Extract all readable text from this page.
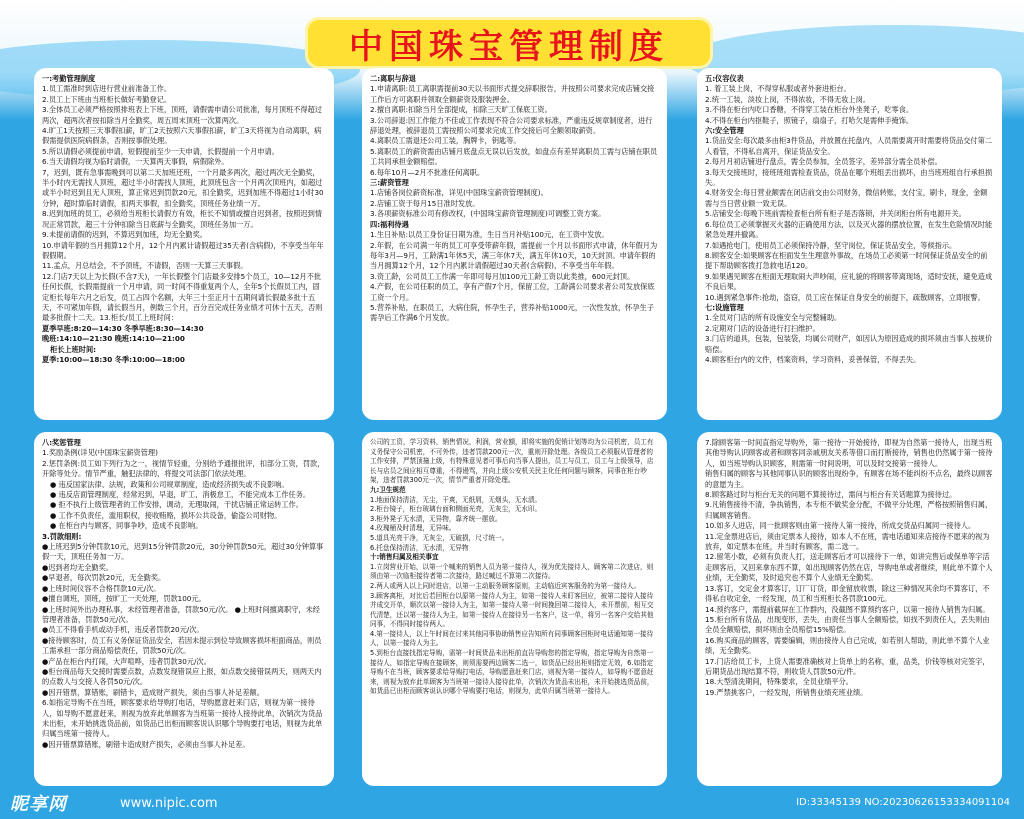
中国珠宝管理制度

一:考勤管理制度

1.员工需准时到店进行营业前准备工作。

2.员工上下班由当班柜长做好考勤登记。

3.全体员工必须严格按照排班表上下班，顶班，请假需申请公司批准，每月顶班不得超过两次，超两次者按扣除当月全勤奖，周五周末顶班一次算两次。

4.旷工1天按照三天事假扣薪，旷工2天按照六天事假扣薪，旷工3天将视为自动离职，病假需提供医院病假条，否则按事假处理。

5.所以请假必须提前申请，短假提前至少一天申请，长假提前一个月申请。

6.当天请假均视为临时请假，一天算两天事假，病假除外。

7，迟到，既有急事需晚到可以第二天加班还班，一个月最多两次，超过两次无全勤奖，半小时内无需找人顶班，超过半小时需找人顶班，此顶班包含一个月两次顶班内，如超过或半小时迟到且无人顶班，算正常迟到罚款20元，扣全勤奖，迟到加班不得超过1小时30分钟，超时算临时请假，扣两天事假，扣全勤奖，顶班任务业绩一万。

8.迟到加班的员工，必须给当班柜长请假方有效，柜长不知情或擅自迟到者，按照迟到情况正常罚款，超三十分钟扣除当日底薪与全勤奖，顶班任务加一万。

9.未提前请假的迟到，不算迟到加班，均无全勤奖。

10.申请年假的当月拥算12个月，12个月内累计请假超过35天者(含病假)，不享受当年年假假期。

11.孟点，月总结会，不予顶班，不请假，否则一天算三天事假。

12.门店7天以上为长假(不含7天)，一年长假整个门店最多安排5个员工，10—12月不批任何长假，长假需提前一个月申请，同一时间不得重复两个人，全年5个长假员工内，固定柜长每年六月之后发，员工占四个名额，大年三十至正月十五期间请长假最多批十五天，不可紧加年假，请长假当月，例数三个月，百分百完成任务业绩才可休十五天，否则最多批假十二天。13.柜长/员工上班时间：

夏季早班:8:20—14:30 冬季早班:8:30—14:30

晚班:14:10—21:30 晚班:14:10—21:00

柜长上班时间:

夏季:10:00—18:30 冬季:10:00—18:00

二:离职与辞退

1.申请离职:员工离职需提前30天以书面形式提交辞职报告，并按照公司要求完成店铺交接工作后方可离职并领取全额薪资及服装押金。

2.擅自离职:扣除当月全部提成，扣除三天旷工保底工资。

3.公司辞退:因工作能力不佳或工作表现不符合公司要求标准，严重违反规章制度者，进行辞退处理，被辞退员工需按照公司要求完成工作交接后可全额领取薪资。

4.离职员工需退还公司工装，胸牌卡，钥匙等。

5.离职员工的薪资需由店铺月底盘点无误以后发放，如盘点有差异离职员工需与店铺在职员工共同承担金额赔偿。

6.每年10月—2月不批准任何离职。

三:薪资管理

1.店铺各岗位薪资标准，详见(中国珠宝薪资管理制度)。

2.店铺工资于每月15日准时发放。

3.各项薪资标准公司有修改权，(中国珠宝薪资管理制度)可调整工资方案。

四:福利待遇

1.生日补贴:以员工身份证日期为准，生日当月补贴100元，在工资中发放。

2.年假，在公司满一年的员工可享受带薪年假，需提前一个月以书面形式申请，休年假月为每年3月—9月，工龄满1年休5天，满三年休7天，满五年休10天，10天封顶。申请年假的当月拥算12个月，12个月内累计请假超过30天者(含病假)，不享受当年年假。

3.资工龄，公司员工工作满一年即可每月加100元工龄工资以此类推，600元封顶。

4.产假，在公司任职的员工，享有产假7个月，保留工位，工龄满公司要求者公司发放保底工资一个月。

5.营养补贴，在职员工，大病住院，怀孕生子，营养补贴1000元，一次性发放，怀孕生子需孕后工作满6个月发放。

五:仪容仪表

1. 着工装上岗，不得穿私服或者外套进柜台。

2.统一工装，淡妆上岗，不得浓妆，不得无妆上岗。

3.不得在柜台内吃口香糖，不得穿工装在柜台外坐凳子，吃零食。

4.不得在柜台内抠鞋子，照镜子，扇扇子，打哈欠是需伸手掩饰。

六:安全管理

1.货品安全:每次最多由柜3件货品，并放置在托盘内，人员需要离开时需要将货品交付第二人看管，不得私自离开，保证货品安全。

2.每月月初店铺进行盘点，需全员参加，全员签字，差异部分需全员补偿。

3.每天交接班时，接班班组需检查货品，货品在哪个班组丢出损坏，由当班班组自行承担损失。

4.财务安全:每日营业额需在闭店前交由公司财务，微信转账，支付宝，刷卡，现金，金额需与当日营业额一致无误。

5.店铺安全:每晚下班前需检查柜台所有柜子是否落锁，并关闭柜台所有电源开关。

6.每位员工必须掌握灭火器的正确使用方法，以及灭火器的摆放位置，在发生危险情况时能紧急处理并撤离。

7.如遇抢电门，使用员工必须保持冷静，坚守岗位，保证货品安全，等候指示。

8.顾客安全:如果顾客在柜面发生生理意外事故，在场员工必须第一时间保证货品安全的前提下帮助顾客拨打急救电话120。

9.如果遇见顾客在柜面无理取闹大声吵闹，应礼貌的将顾客带离现场，适时安抚，避免造成不良后果。

10.遇到紧急事件:抢劫，盗窃，员工应在保证自身安全的前提下，疏散顾客，立即报警。

七:设施管理

1.全员对门店的所有设施安全与完整辅助。

2.定期对门店的设备进行打扫维护。

3.门店的道具，包装，包装袋，均属公司财产，如因认为原因造成的损坏须由当事人按规价赔偿。

4.顾客柜台内的文件，档案资料，学习资料，妥善保管，不得丢失。

八:奖惩管理

1.奖励条例(详见(中国珠宝薪资管理)

2.惩罚条例:员工如下列行为之一，视情节轻重，分别给予通报批评，扣部分工资，罚款，开除等处分。情节严重，触犯法律的，将提交司法部门依法处理。

● 违反国家法律、法规，政策和公司规章制度，造成经济损失或不良影响。

● 违反店面管理制度，经常迟到，早退，旷工，消极怠工，不能完成本工作任务。

● 拒不执行上级管理者的工作安排，调动，无理取闹，干扰店铺正常运转工作。

● 工作不负责任，滥用职权，接收贿赂，损坏公共设备，偷盗公司财物。

● 在柜台内与顾客，同事争吵，造成不良影响。

3.罚款细则:

●上班迟到5分钟罚款10元，迟到15分钟罚款20元，30分钟罚款50元，超过30分钟算事假一天，顶班任务加一万。

●迟到者均无全勤奖。

●早退者，每次罚款20元，无全勤奖。

●上班时间仪容不合格罚款10元/次。

●擅自调班，顶班，按旷工一天处理，罚款100元。

●上班时间外出办理私事，未经管理者准备，罚款50元/次。 ●上班时间擅离职守，未经管理者准备，罚款50元/次。

●员工不得看手机或动手机，违反者罚款20元/次。

●接待顾客时，员工有义务保证货品安全，若因未提示到位导致顾客损坏柜面商品，则员工需承担一部分商品赔偿责任，罚款50元/次。

●产品在柜台内打闹，大声喧哗，违者罚款30元/次。

●柜台商品每天交接时需要点数，点数发现错误应上报，如点数交接错误两天，则两天内的点数人与交接人各罚50元/次。

●因开错票，算错账，刷错卡，造成财产损失，须由当事人补足差额。

6.如指定导购不在当班，顾客要求给导购打电话，导购愿意赶来门店，则视为第一接待人，如导购不愿意赶来，则视为放弃此单顾客为当班第一接待人接待此单，次销次为货品未出柜，未开始挑选货品前，如货品已出柜而顾客说认识哪个导购要打电话，则视为此单归属当班第一接待人。

●因开错票算错账，刷错卡造成财产损失，必须由当事人补足差。

公司的工资，学习资料，销售情况，利润，营业额，即将实施的促销计划等均为公司机密，员工有义务保守公司机密，不可外传，违者罚款200元一次，重则开除处理。各级员工必须服从管理者的工作安排，严禁顶撞上级，有特殊意见者可事后向当事人提出，员工与员工，员工与上级领导，店长与店员之间应相互尊重，不得谩骂，并向上级公安机关民主化任何问题与顾客，同事在柜台吵架，违者罚款300元一次，情节严重者开除处理。

九:卫生规范

1.地面保持清洁，无尘，干爽，无纸屑，无烟头，无水渍。

2.柜台镜子，柜台玻璃台面和侧面光亮，无灰尘，无水印。

3.柜外凳子无水渍，无异物，靠齐统一摆放。

4.玫瑰桶及时清理，无异味。

5.道具光亮干净，无灰尘，无破损，尺寸统一。

6.托盘保持清洁，无水渍，无异物

十:销售归属及相关事宜

1.立岗营业开始，以第一个喊来的销售人员为第一接待人，视为优先接待人，顾客第二次进店，则须由第一次临柜接待者第二次接待，路过喊过不算第二次接待。

2.两人或两人以上同时进店，以第一主动服务顾客原则，主动临近宾客服务的为第一接待人。

3.顾客离柜，对比后若回柜台以原第一接待人为主，如第一接待人未盯客回应，被第二接待人接待并成交开单，顺次以第一接待人为主，如第一接待人第一时间挽回第二接待人，未开票前，相互交代清楚，还以第一接待人为主，如第一接待人在接待另一名客户，这一单，将另一名客户交给其他同事，不得同时接待两人。

4.第一接待人，以上午时间在讨来其他同事协助销售应告知所有同事顾客回柜时电话通知第一接待人，以第一接待人为主。

5.到柜台直接找指定导购，需第一时间货品未出柜前直告导购您的指定导购，指定导购为自然第一接待人，如指定导购在接顾客，则须需要两边顾客二选一，如货品已经出柜则指定无效，6.如指定导购不在当班，顾客要求给导购打电话，导购愿意赶来门店，则视为第一接待人，如导购不愿意赶来，则视为放弃此单顾客为当班第一接待人接待此单，次销次为货品未出柜，未开始挑选货品前，如货品已出柜而顾客说认识哪个导购要打电话，则视为，此单归属当班第一接待人。

7.除顾客第一时间直指定导购外，第一接待一开始接待，即视为自然第一接待人，出现当班其他导购认识顾客或者和顾客同亲戚朋友关系等借口而打断接待，销售也仍然属于第一接待人，如当班导购认识顾客，则需第一时间说明，可以及时交接第一接待人。

销售归属的顾客与其他同事认识的顾客出现纷争，有顾客在场不能纠纷不点名，最终以顾客的意愿为主。

8.顾客路过时与柜台无关的问题不算接待过，需问与柜台有关话题算为接待过。

9.凡销售接待不清，争执销售，本专柜不做奖金分配，不做平分处理，严格按照销售归属，归属顾客销售。

10.如多人进店，同一批顾客则由第一接待人第一接待，所成交货品归属同一接待人。

11.定金票进店后，须由定票本人接待，如本人不在班，需电话通知来店接待不愿来的视为放弃，如定票本在班，并当时有顾客，需二选一。

12.留笔小数，必须有负责人打，送走顾客后才可以接待下一单，如讲完售后或保单等字活走顾客后，又回来拿东西不算，如出现顾客仍然在店，导购电单或者继续，则此单不算个人业绩，无全勤奖，及时追究也不算个人业绩无全勤奖。

13.客订，交定金才算客订，订厂订货，即金留放收票，除这三种情况其余均不算客订，不得私自收定金，一经发现，员工和当班柜长各罚款100元。

14.预约客户，需提前截屏在工作群内，没截图不算预约客户，以第一接待人销售为归属。

15.柜台所有货品，出现变形，丢失，由责任当事人全额赔偿，如找不到责任人，丢失则由全员全额赔偿，损坏则由全员赔偿15%赔偿。

16.购买商品的顾客，需要编辑，则由接待人自己完成，如若别人帮助，则此单不算个人业绩，无全勤奖。

17.门店给员工卡，上货人需要准确核对上货单上的名称，重，品类，价钱等核对完签字，后期货品出现结算不符，则收货人罚款50元/件。

18.大型清洗期间，特殊要求，全员业绩平分。

19.严禁挑客户，一经发现，所销售业绩充班业绩。

昵享网	www.nipic.com	ID:33345139 NO:20230626153334091104
